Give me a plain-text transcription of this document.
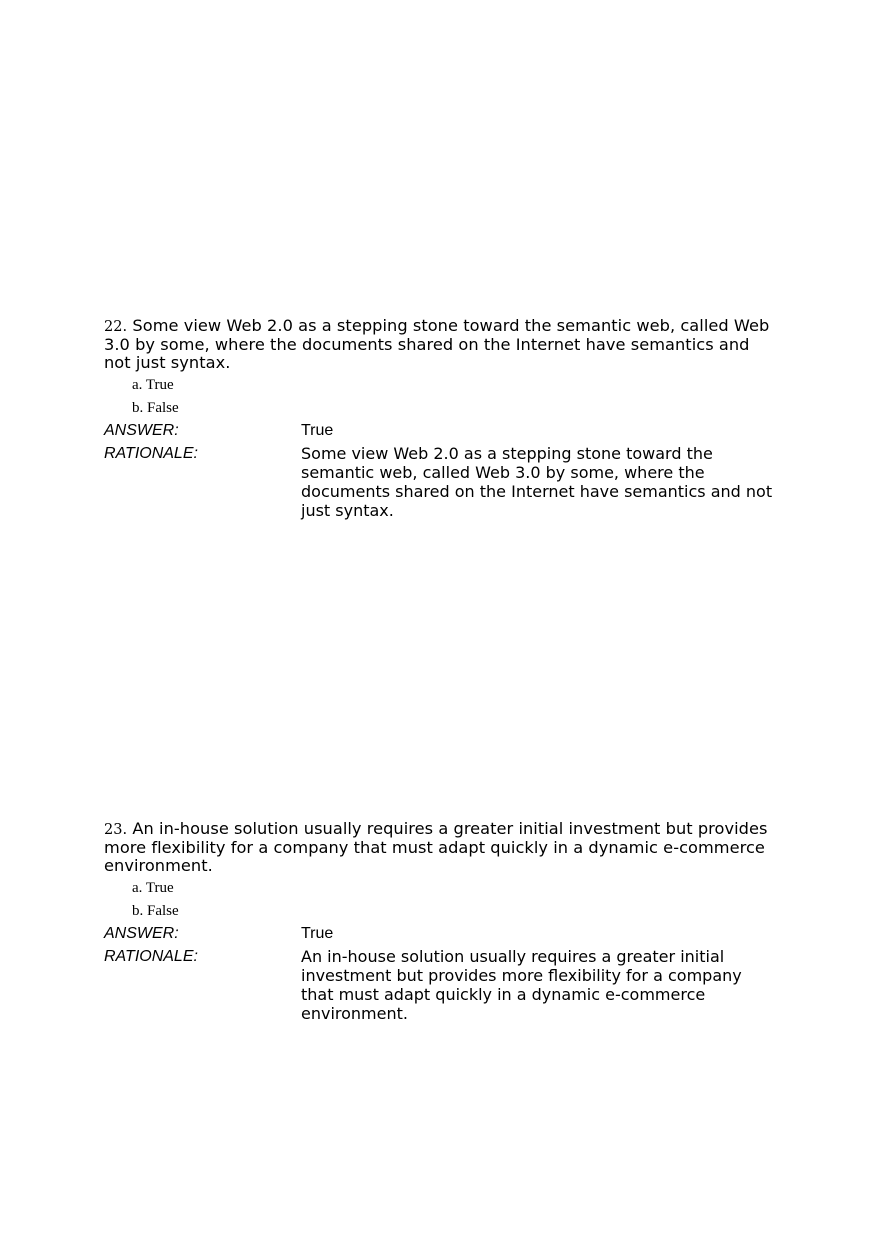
22. Some view Web 2.0 as a stepping stone toward the semantic web, called Web 3.0 by some, where the documents shared on the Internet have semantics and not just syntax.

a. True
b. False
ANSWER:	True
RATIONALE:	Some view Web 2.0 as a stepping stone toward the semantic web, called Web 3.0 by some, where the documents shared on the Internet have semantics and not just syntax.

23. An in-house solution usually requires a greater initial investment but provides more flexibility for a company that must adapt quickly in a dynamic e-commerce environment.

a. True
b. False
ANSWER:	True
RATIONALE:	An in-house solution usually requires a greater initial investment but provides more flexibility for a company that must adapt quickly in a dynamic e-commerce environment.
